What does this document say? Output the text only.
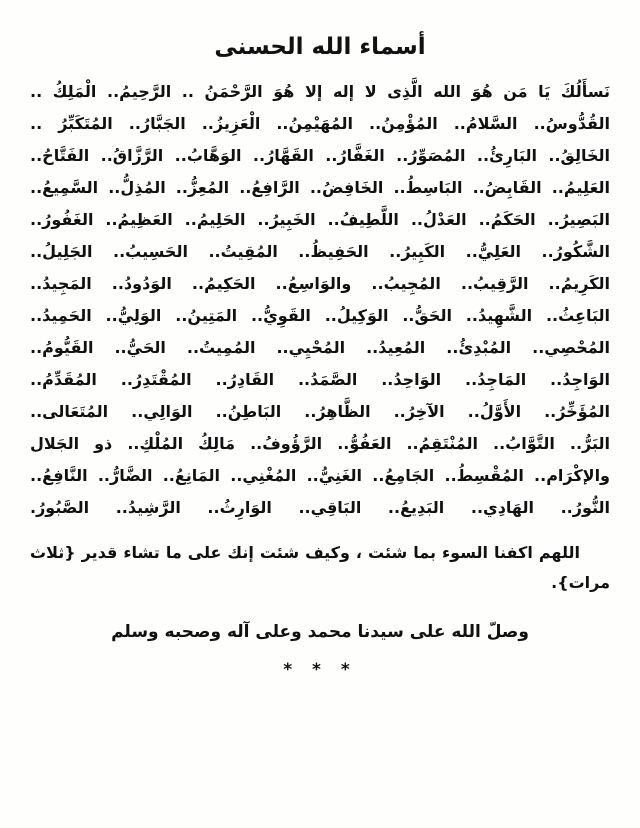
أسماء الله الحسنى
نَسأَلُكَ يَا مَن هُوَ الله الَّذِى لا إله إلا هُوَ الرَّحْمَنُ .. الرَّحِيمُ.. الْمَلِكُ ..
القُدُّوسُ.. السَّلامُ.. المُؤْمِنُ.. المُهَيْمِنُ.. الْعَزِيزُ.. الجَبَّارُ.. المُتَكَبِّرُ ..
الخَالِقُ.. البَارِئُ.. المُصَوِّرُ.. الغَفَّارُ.. القَهَّارُ.. الوَهَّابُ.. الرَّزَّاقُ.. الفَتَّاحُ..
العَلِيمُ.. القَابِضُ.. البَاسِطُ.. الخَافِضُ.. الرَّافِعُ.. المُعِزُّ.. المُذِلُّ.. السَّمِيعُ..
البَصِيرُ.. الحَكَمُ.. العَدْلُ.. اللَّطِيفُ.. الخَبِيرُ.. الحَلِيمُ.. العَظِيمُ.. الغَفُورُ..
الشَّكُورُ.. العَلِيُّ.. الكَبِيرُ.. الحَفِيظُ.. المُقِيتُ.. الحَسِيبُ.. الجَلِيلُ..
الكَرِيمُ.. الرَّقِيبُ.. المُجِيبُ.. والوَاسِعُ.. الحَكِيمُ.. الوَدُودُ.. المَجِيدُ..
البَاعِثُ.. الشَّهِيدُ.. الحَقُّ.. الوَكِيلُ.. القَوِيُّ.. المَتِينُ.. الوَلِيُّ.. الحَمِيدُ..
المُحْصِي.. المُبْدِئُ.. المُعِيدُ.. المُحْيِي.. المُمِيتُ.. الحَيُّ.. القَيُّومُ..
الوَاجِدُ.. المَاجِدُ.. الوَاحِدُ.. الصَّمَدُ.. القَادِرُ.. المُقْتَدِرُ.. المُقَدِّمُ..
المُؤَخِّرُ.. الأَوَّلُ.. الآخِرُ.. الظَّاهِرُ.. البَاطِنُ.. الوَالِي.. المُتَعَالى..
البَرُّ.. التَّوَّابُ.. المُنْتَقِمُ.. العَفُوُّ.. الرَّؤُوفُ.. مَالِكُ المُلْكِ.. ذو الجَلال
والإكْرَام.. المُقْسِطُ.. الجَامِعُ.. الغَنِيُّ.. المُغْنِي.. المَانِعُ.. الضَّارُّ.. النَّافِعُ..
النُّورُ.. الهَادِي.. البَدِيعُ.. البَاقِي.. الوَارِثُ.. الرَّشِيدُ.. الصَّبُورُ.
اللهم اكفنا السوء بما شئت ، وكيف شئت إنك على ما تشاء قدير {ثلاث
مرات}.
وصلّ الله على سيدنا محمد وعلى آله وصحبه وسلم
* * *
